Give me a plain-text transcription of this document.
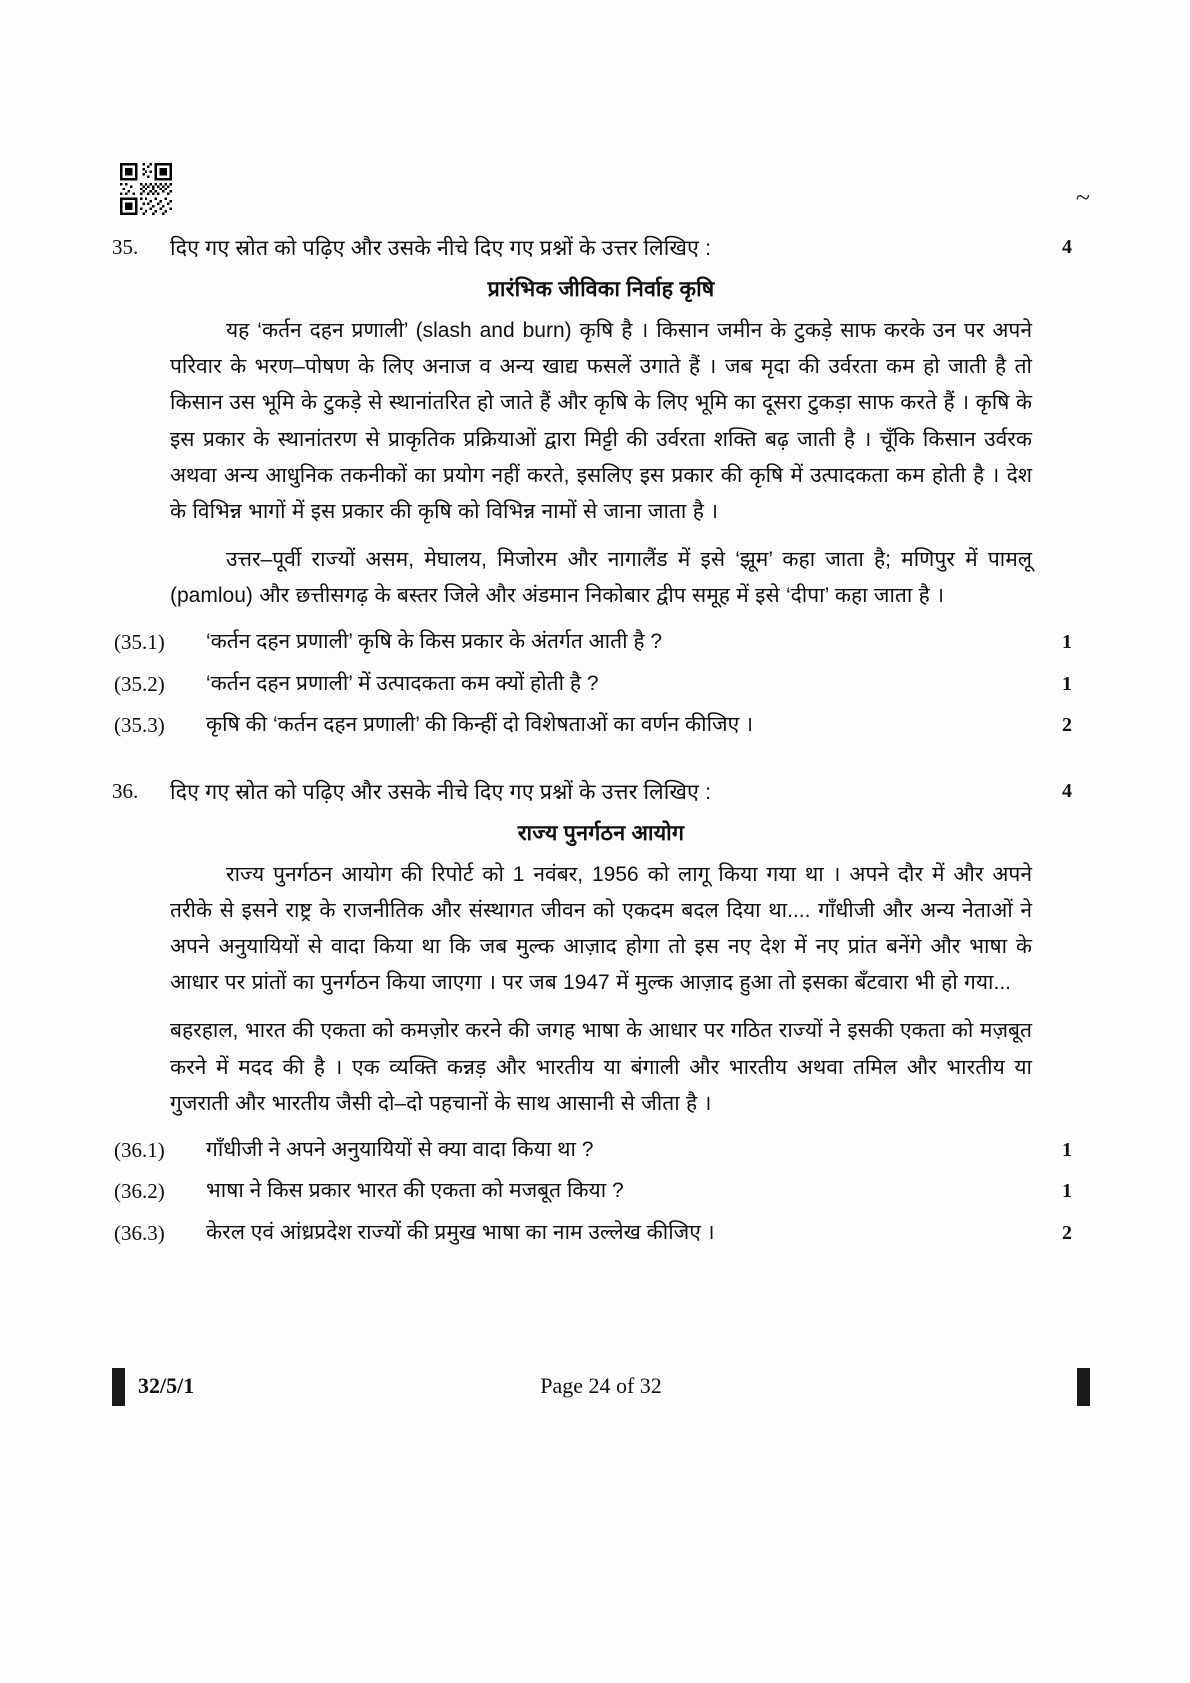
~
35.	दिए गए स्रोत को पढ़िए और उसके नीचे दिए गए प्रश्नों के उत्तर लिखिए :	4
प्रारंभिक जीविका निर्वाह कृषि

यह ‘कर्तन दहन प्रणाली’ (slash and burn) कृषि है । किसान जमीन के टुकड़े साफ करके उन पर अपने परिवार के भरण–पोषण के लिए अनाज व अन्य खाद्य फसलें उगाते हैं । जब मृदा की उर्वरता कम हो जाती है तो किसान उस भूमि के टुकड़े से स्थानांतरित हो जाते हैं और कृषि के लिए भूमि का दूसरा टुकड़ा साफ करते हैं । कृषि के इस प्रकार के स्थानांतरण से प्राकृतिक प्रक्रियाओं द्वारा मिट्टी की उर्वरता शक्ति बढ़ जाती है । चूँकि किसान उर्वरक अथवा अन्य आधुनिक तकनीकों का प्रयोग नहीं करते, इसलिए इस प्रकार की कृषि में उत्पादकता कम होती है । देश के विभिन्न भागों में इस प्रकार की कृषि को विभिन्न नामों से जाना जाता है ।

उत्तर–पूर्वी राज्यों असम, मेघालय, मिजोरम और नागालैंड में इसे ‘झूम’ कहा जाता है; मणिपुर में पामलू (pamlou) और छत्तीसगढ़ के बस्तर जिले और अंडमान निकोबार द्वीप समूह में इसे ‘दीपा’ कहा जाता है ।

(35.1)	‘कर्तन दहन प्रणाली’ कृषि के किस प्रकार के अंतर्गत आती है ?	1
(35.2)	‘कर्तन दहन प्रणाली’ में उत्पादकता कम क्यों होती है ?	1
(35.3)	कृषि की ‘कर्तन दहन प्रणाली’ की किन्हीं दो विशेषताओं का वर्णन कीजिए ।	2
36.	दिए गए स्रोत को पढ़िए और उसके नीचे दिए गए प्रश्नों के उत्तर लिखिए :	4
राज्य पुनर्गठन आयोग

राज्य पुनर्गठन आयोग की रिपोर्ट को 1 नवंबर, 1956 को लागू किया गया था । अपने दौर में और अपने तरीके से इसने राष्ट्र के राजनीतिक और संस्थागत जीवन को एकदम बदल दिया था.... गाँधीजी और अन्य नेताओं ने अपने अनुयायियों से वादा किया था कि जब मुल्क आज़ाद होगा तो इस नए देश में नए प्रांत बनेंगे और भाषा के आधार पर प्रांतों का पुनर्गठन किया जाएगा । पर जब 1947 में मुल्क आज़ाद हुआ तो इसका बँटवारा भी हो गया...

बहरहाल, भारत की एकता को कमज़ोर करने की जगह भाषा के आधार पर गठित राज्यों ने इसकी एकता को मज़बूत करने में मदद की है । एक व्यक्ति कन्नड़ और भारतीय या बंगाली और भारतीय अथवा तमिल और भारतीय या गुजराती और भारतीय जैसी दो–दो पहचानों के साथ आसानी से जीता है ।

(36.1)	गाँधीजी ने अपने अनुयायियों से क्या वादा किया था ?	1
(36.2)	भाषा ने किस प्रकार भारत की एकता को मजबूत किया ?	1
(36.3)	केरल एवं आंध्रप्रदेश राज्यों की प्रमुख भाषा का नाम उल्लेख कीजिए ।	2
32/5/1	Page 24 of 32
